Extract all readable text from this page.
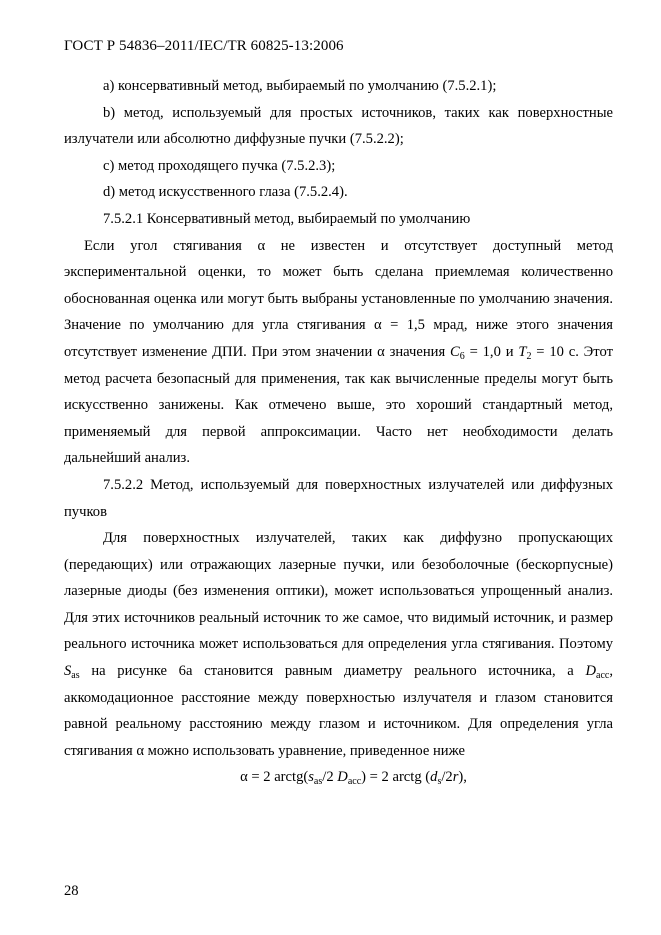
ГОСТ Р 54836–2011/IEC/TR 60825-13:2006

a) консервативный метод, выбираемый по умолчанию (7.5.2.1);

b) метод, используемый для простых источников, таких как поверхностные излучатели или абсолютно диффузные пучки (7.5.2.2);

c) метод проходящего пучка (7.5.2.3);

d) метод искусственного глаза (7.5.2.4).

7.5.2.1 Консервативный метод, выбираемый по умолчанию

Если угол стягивания α не известен и отсутствует доступный метод экспериментальной оценки, то может быть сделана приемлемая количественно обоснованная оценка или могут быть выбраны установленные по умолчанию значения. Значение по умолчанию для угла стягивания α = 1,5 мрад, ниже этого значения отсутствует изменение ДПИ. При этом значении α значения $C_6 = 1,0$ и $T_2 = 10$ с. Этот метод расчета безопасный для применения, так как вычисленные пределы могут быть искусственно занижены. Как отмечено выше, это хороший стандартный метод, применяемый для первой аппроксимации. Часто нет необходимости делать дальнейший анализ.

7.5.2.2 Метод, используемый для поверхностных излучателей или диффузных пучков

Для поверхностных излучателей, таких как диффузно пропускающих (передающих) или отражающих лазерные пучки, или безоболочные (бескорпусные) лазерные диоды (без изменения оптики), может использоваться упрощенный анализ. Для этих источников реальный источник то же самое, что видимый источник, и размер реального источника может использоваться для определения угла стягивания. Поэтому $S_{as}$ на рисунке 6а становится равным диаметру реального источника, а $D_{acc}$, аккомодационное расстояние между поверхностью излучателя и глазом становится равной реальному расстоянию между глазом и источником. Для определения угла стягивания α можно использовать уравнение, приведенное ниже

α = 2 $arctg(s_{as}/2$ $D_{acc}) = 2$ arctg $(d_s/2r)$,

28
